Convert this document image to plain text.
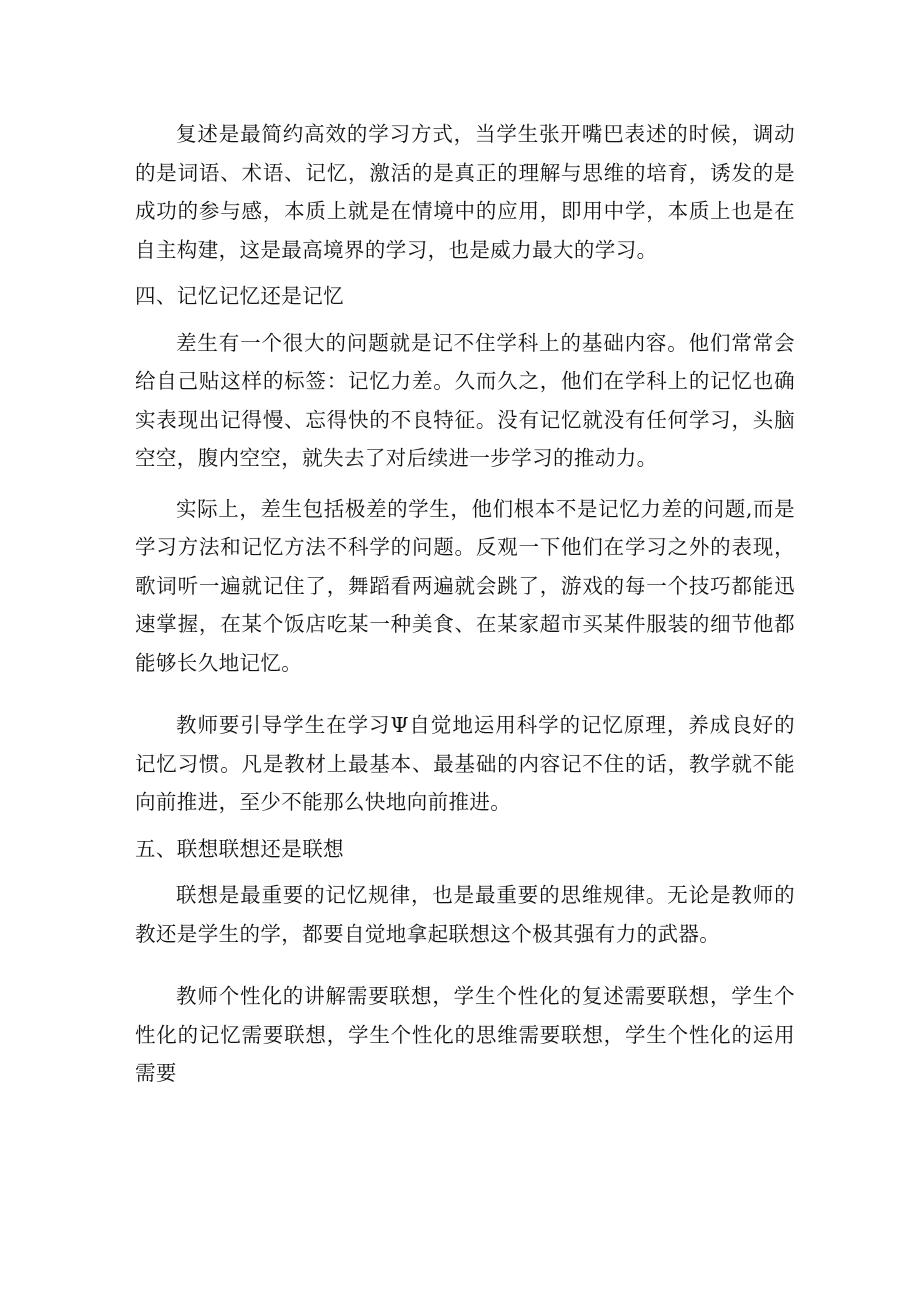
复述是最简约高效的学习方式，当学生张开嘴巴表述的时候，调动的是词语、术语、记忆，激活的是真正的理解与思维的培育，诱发的是成功的参与感，本质上就是在情境中的应用，即用中学，本质上也是在自主构建，这是最高境界的学习，也是威力最大的学习。

四、记忆记忆还是记忆

差生有一个很大的问题就是记不住学科上的基础内容。他们常常会给自己贴这样的标签：记忆力差。久而久之，他们在学科上的记忆也确实表现出记得慢、忘得快的不良特征。没有记忆就没有任何学习，头脑空空，腹内空空，就失去了对后续进一步学习的推动力。

实际上，差生包括极差的学生，他们根本不是记忆力差的问题,而是学习方法和记忆方法不科学的问题。反观一下他们在学习之外的表现，歌词听一遍就记住了，舞蹈看两遍就会跳了，游戏的每一个技巧都能迅速掌握，在某个饭店吃某一种美食、在某家超市买某件服装的细节他都能够长久地记忆。

教师要引导学生在学习Ψ自觉地运用科学的记忆原理，养成良好的记忆习惯。凡是教材上最基本、最基础的内容记不住的话，教学就不能向前推进，至少不能那么快地向前推进。

五、联想联想还是联想

联想是最重要的记忆规律，也是最重要的思维规律。无论是教师的教还是学生的学，都要自觉地拿起联想这个极其强有力的武器。

教师个性化的讲解需要联想，学生个性化的复述需要联想，学生个性化的记忆需要联想，学生个性化的思维需要联想，学生个性化的运用需要
